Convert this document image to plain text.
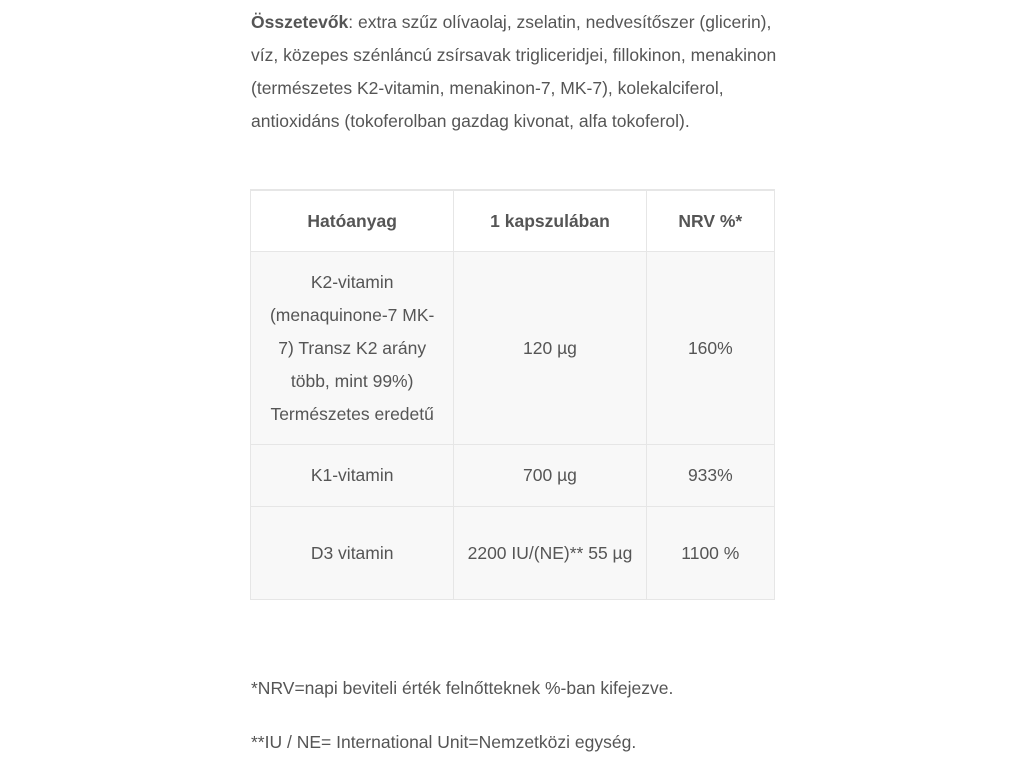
Összetevők: extra szűz olívaolaj, zselatin, nedvesítőszer (glicerin), víz, közepes szénláncú zsírsavak trigliceridjei, fillokinon, menakinon (természetes K2-vitamin, menakinon-7, MK-7), kolekalciferol, antioxidáns (tokoferolban gazdag kivonat, alfa tokoferol).

Hatóanyag	1 kapszulában	NRV %*
K2-vitamin (menaquinone-7 MK-7) Transz K2 arány több, mint 99%) Természetes eredetű	120 µg	160%
K1-vitamin	700 µg	933%
D3 vitamin	2200 IU/(NE)** 55 µg	1100 %

*NRV=napi beviteli érték felnőtteknek %-ban kifejezve.

**IU / NE= International Unit=Nemzetközi egység.
